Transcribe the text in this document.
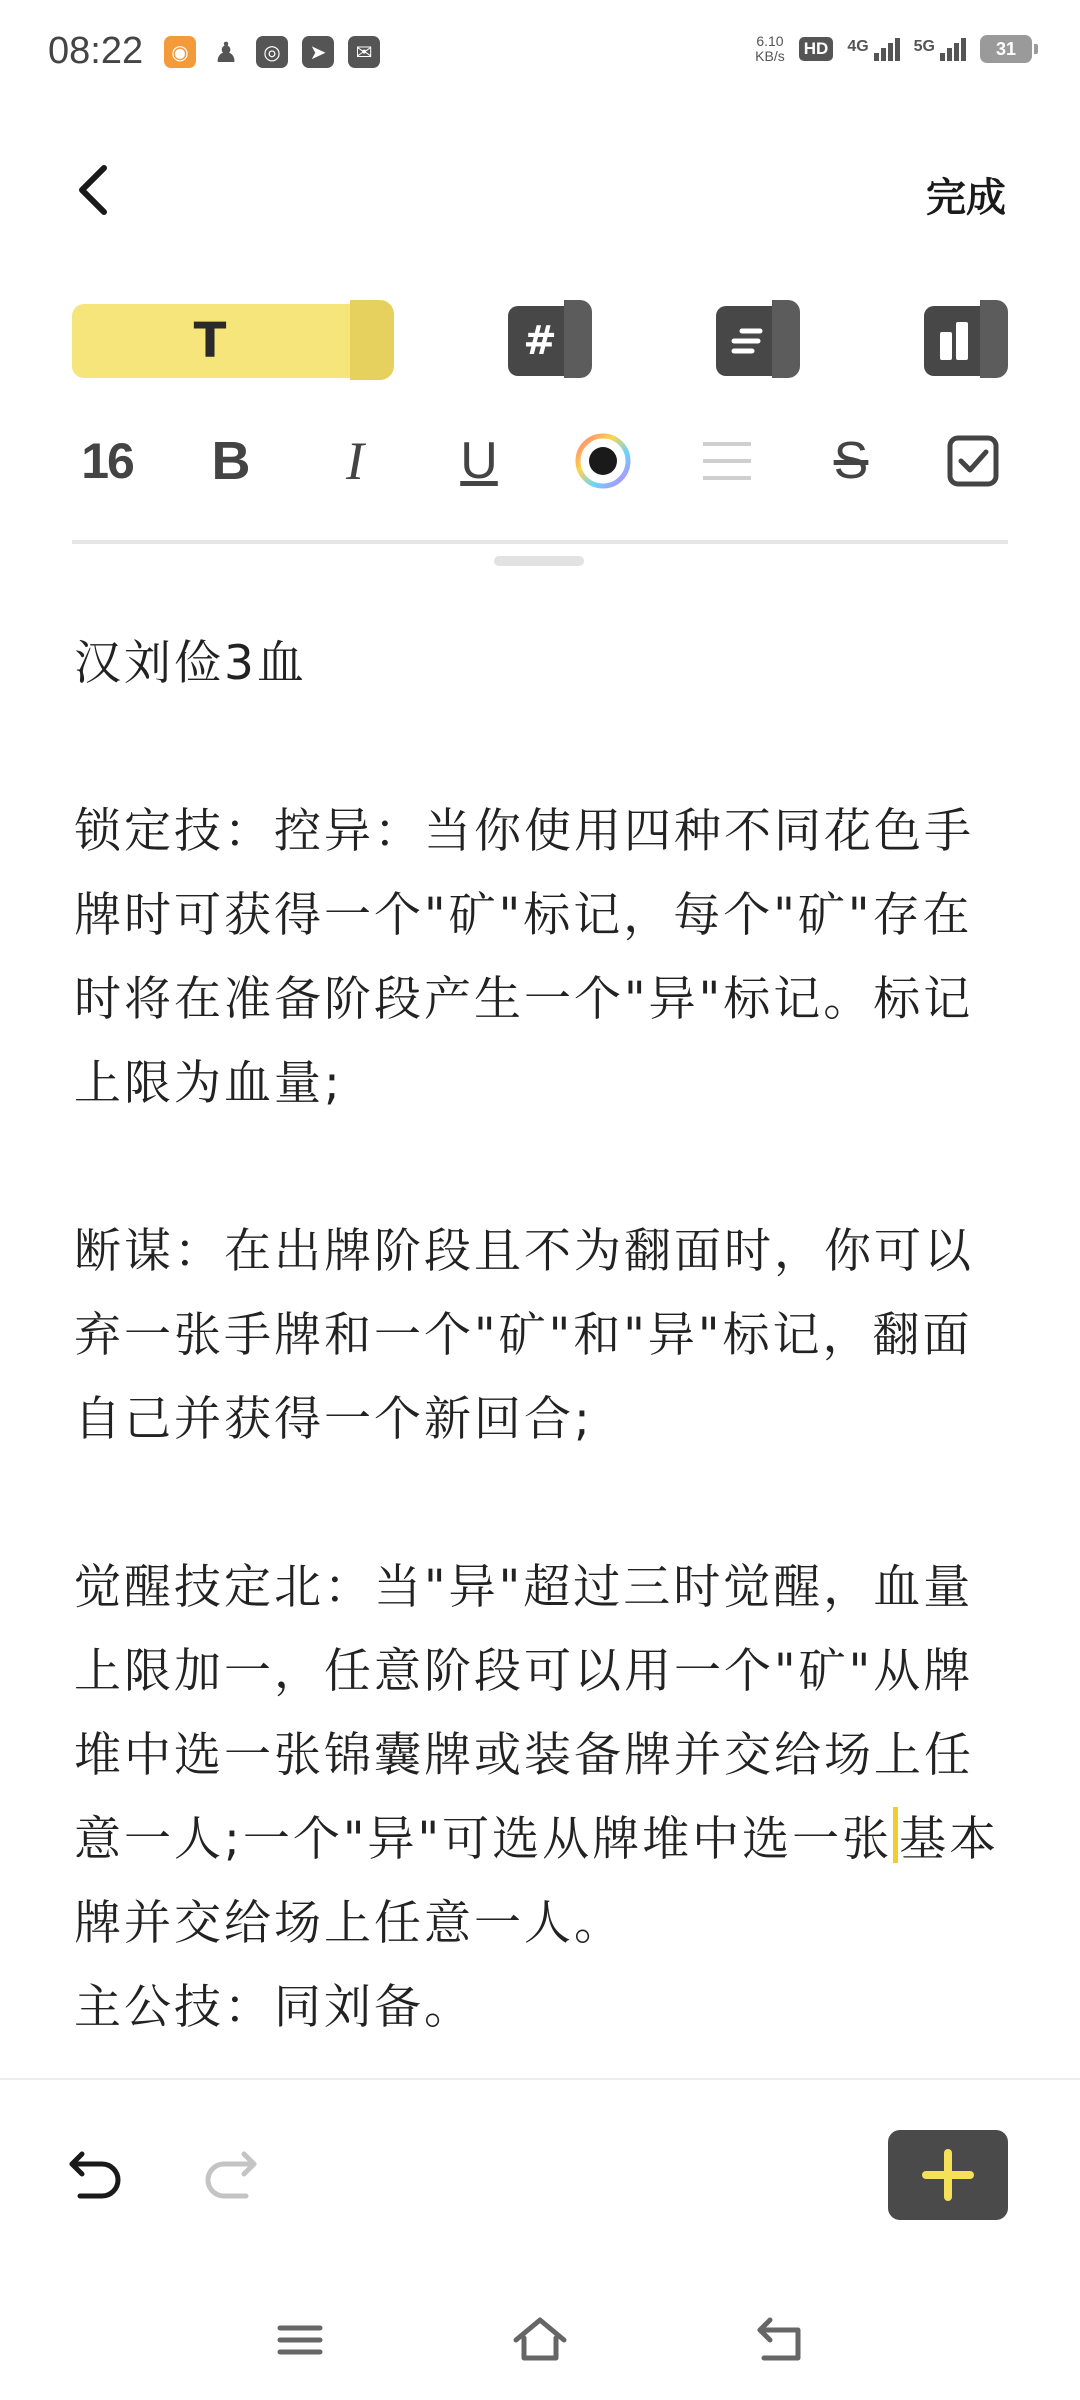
08:22	◉ ♟	◎	➤	✉	6.10
KB/s HD	4G	5G	31
完成
T	#
16 B	I	U	S
汉刘俭3血
锁定技：控异：当你使用四种不同花色手
牌时可获得一个"矿"标记，每个"矿"存在
时将在准备阶段产生一个"异"标记。标记
上限为血量;
断谋：在出牌阶段且不为翻面时，你可以
弃一张手牌和一个"矿"和"异"标记，翻面
自己并获得一个新回合;
觉醒技定北：当"异"超过三时觉醒，血量
上限加一，任意阶段可以用一个"矿"从牌
堆中选一张锦囊牌或装备牌并交给场上任
意一人;一个"异"可选从牌堆中选一张 基本
牌并交给场上任意一人。
主公技：同刘备。
